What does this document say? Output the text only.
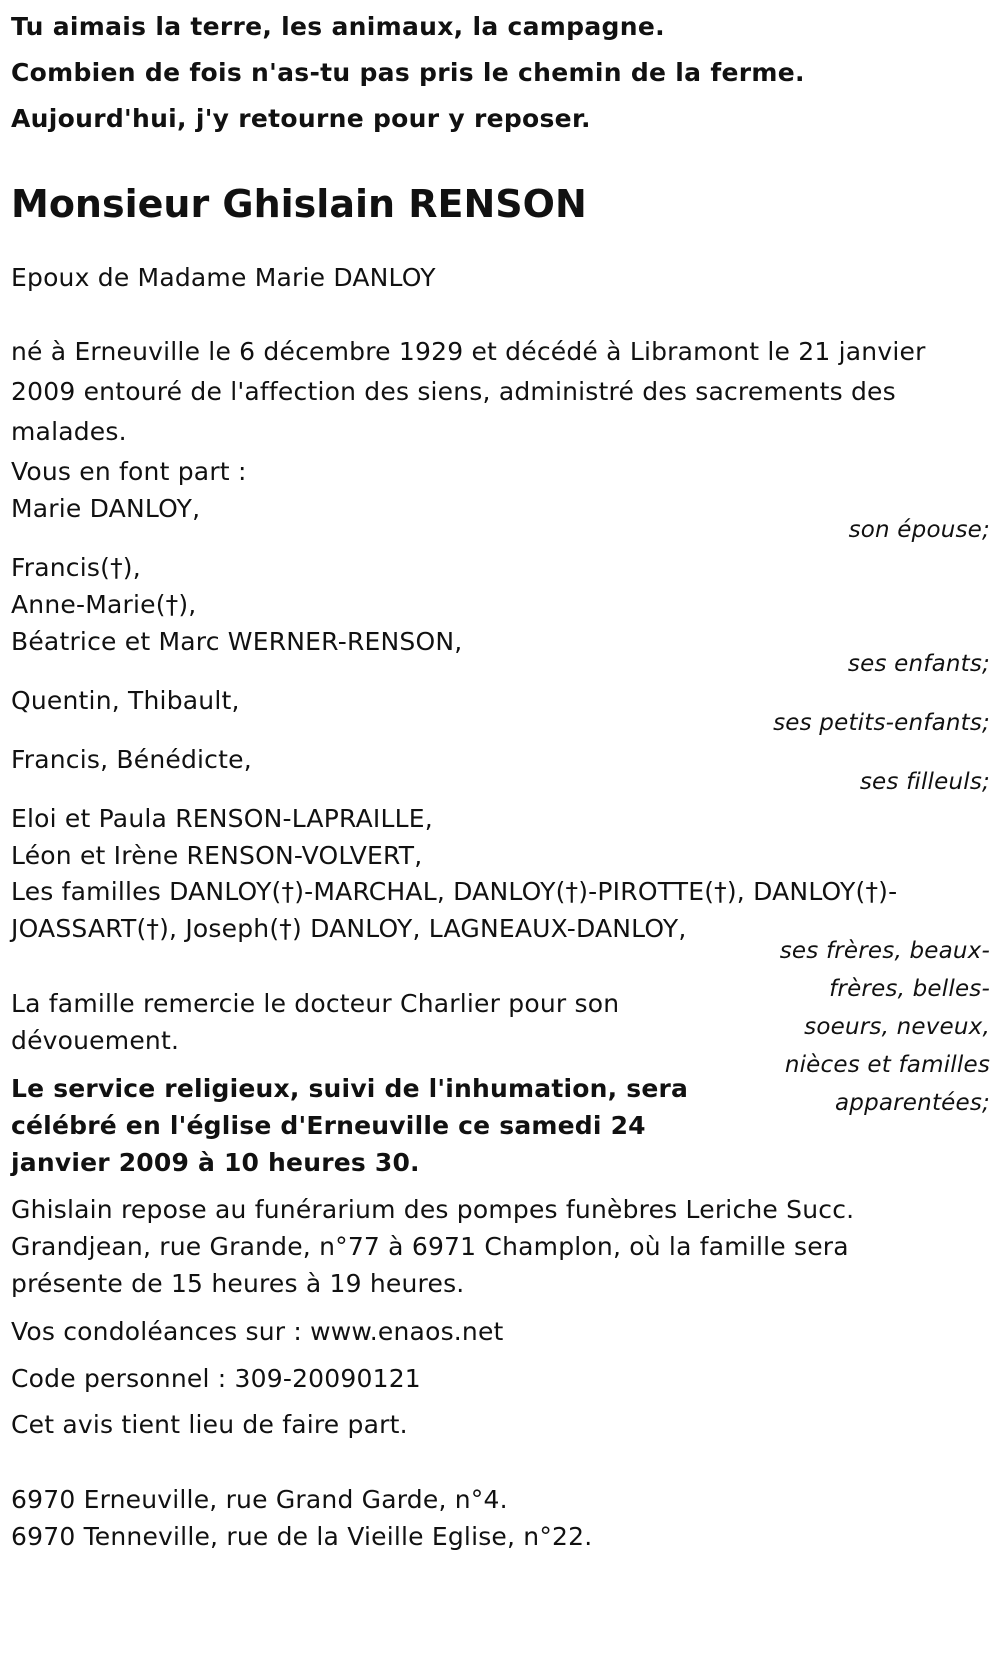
Tu aimais la terre, les animaux, la campagne.
Combien de fois n'as-tu pas pris le chemin de la ferme.
Aujourd'hui, j'y retourne pour y reposer.
Monsieur Ghislain RENSON
Epoux de Madame Marie DANLOY
né à Erneuville le 6 décembre 1929 et décédé à Libramont le 21 janvier 2009 entouré de l'affection des siens, administré des sacrements des malades.
Vous en font part :
Marie DANLOY,
son épouse;
Francis(†),
Anne-Marie(†),
Béatrice et Marc WERNER-RENSON,
ses enfants;
Quentin, Thibault,
ses petits-enfants;
Francis, Bénédicte,
ses filleuls;
Eloi et Paula RENSON-LAPRAILLE,
Léon et Irène RENSON-VOLVERT,
Les familles DANLOY(†)-MARCHAL, DANLOY(†)-PIROTTE(†), DANLOY(†)-JOASSART(†), Joseph(†) DANLOY, LAGNEAUX-DANLOY,
ses frères, beaux-frères, belles-soeurs, neveux, nièces et familles apparentées;
La famille remercie le docteur Charlier pour son dévouement.
Le service religieux, suivi de l'inhumation, sera célébré en l'église d'Erneuville ce samedi 24 janvier 2009 à 10 heures 30.
Ghislain repose au funérarium des pompes funèbres Leriche Succ. Grandjean, rue Grande, n°77 à 6971 Champlon, où la famille sera présente de 15 heures à 19 heures.
Vos condoléances sur : www.enaos.net
Code personnel : 309-20090121
Cet avis tient lieu de faire part.
6970 Erneuville, rue Grand Garde, n°4.
6970 Tenneville, rue de la Vieille Eglise, n°22.
